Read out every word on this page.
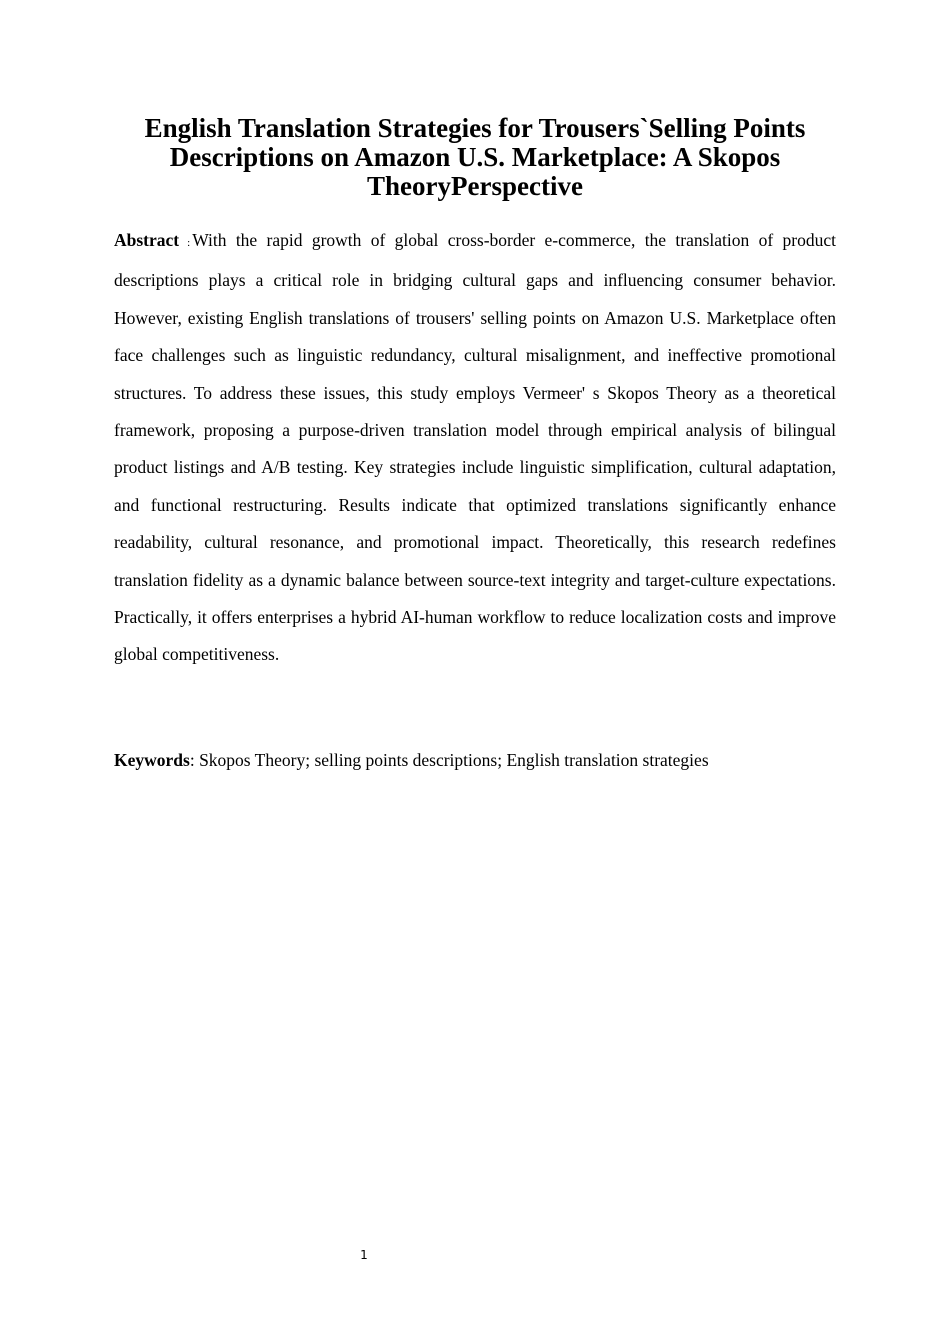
English Translation Strategies for Trousers`Selling Points
Descriptions on Amazon U.S. Marketplace: A Skopos
TheoryPerspective

Abstract : With the rapid growth of global cross-border e-commerce, the translation of product descriptions plays a critical role in bridging cultural gaps and influencing consumer behavior. However, existing English translations of trousers' selling points on Amazon U.S. Marketplace often face challenges such as linguistic redundancy, cultural misalignment, and ineffective promotional structures. To address these issues, this study employs Vermeer' s Skopos Theory as a theoretical framework, proposing a purpose-driven translation model through empirical analysis of bilingual product listings and A/B testing. Key strategies include linguistic simplification, cultural adaptation, and functional restructuring. Results indicate that optimized translations significantly enhance readability, cultural resonance, and promotional impact. Theoretically, this research redefines translation fidelity as a dynamic balance between source-text integrity and target-culture expectations. Practically, it offers enterprises a hybrid AI-human workflow to reduce localization costs and improve global competitiveness.

Keywords: Skopos Theory; selling points descriptions; English translation strategies

1
